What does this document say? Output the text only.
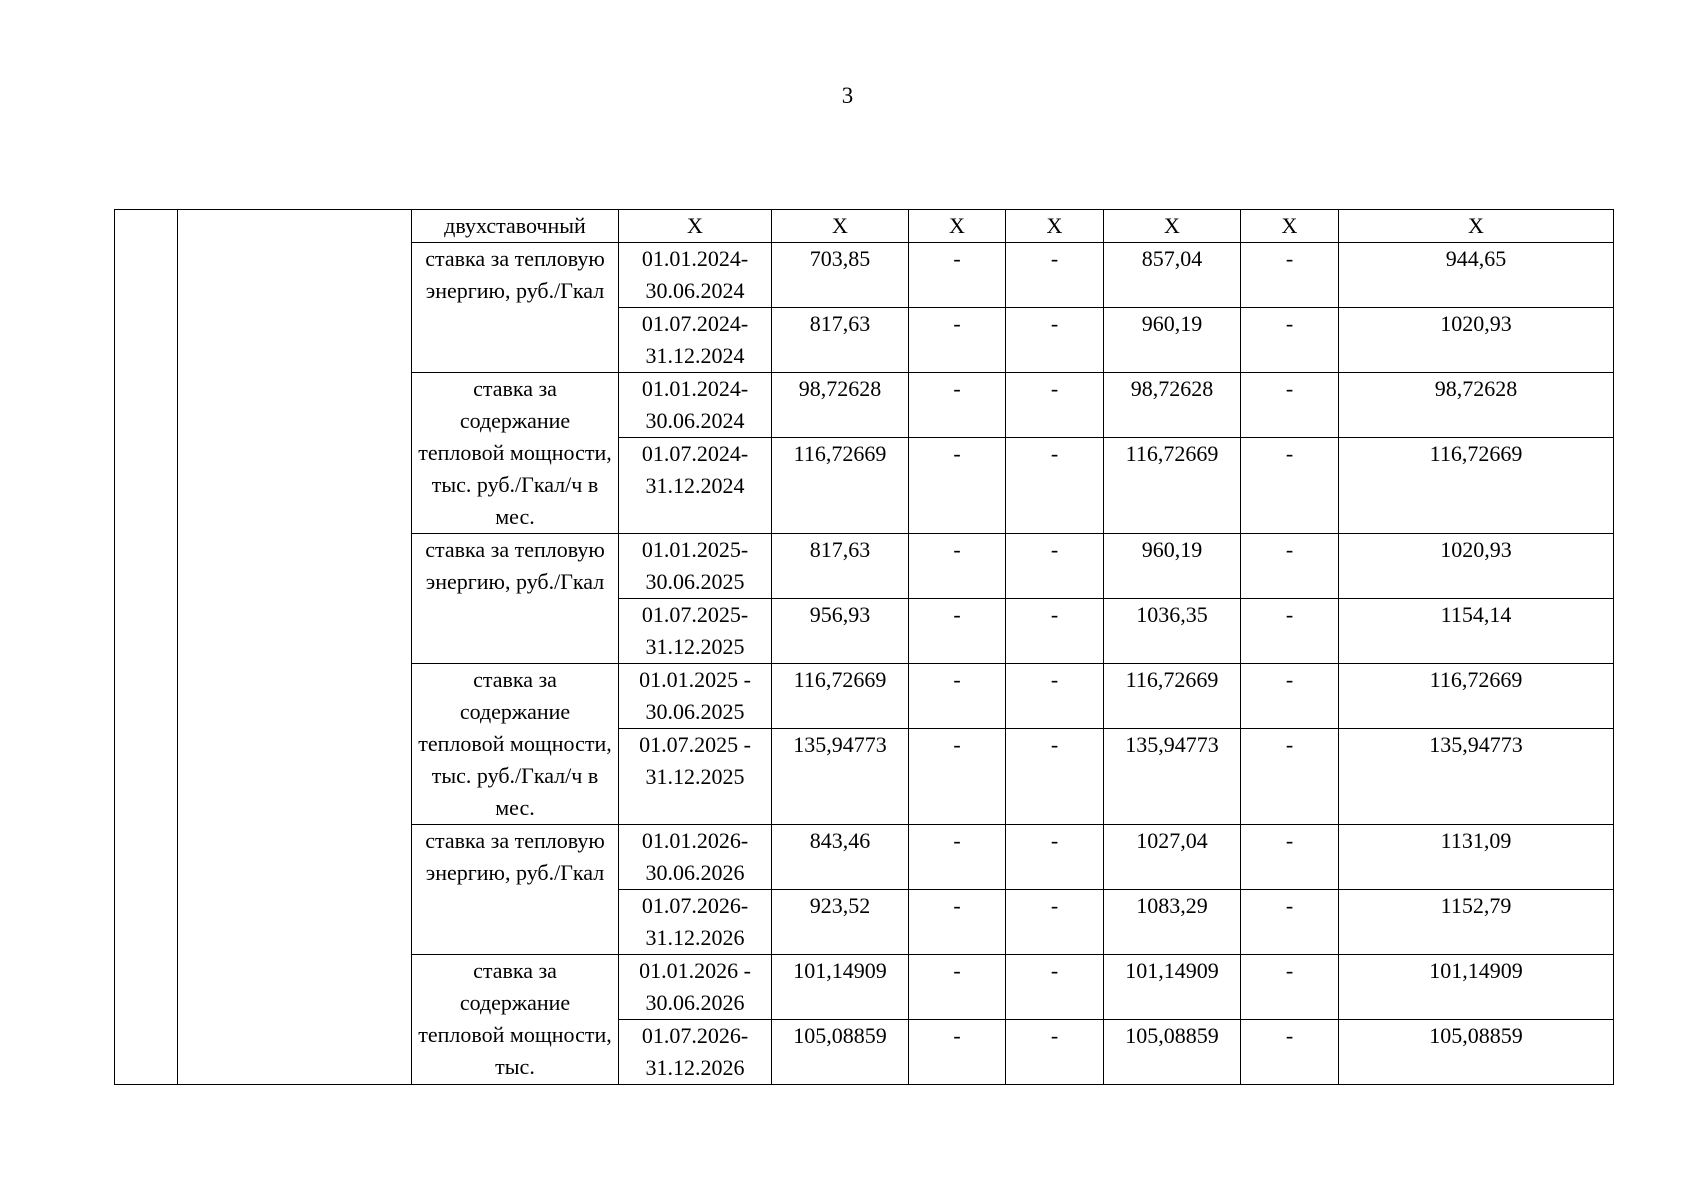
3
		двухставочный	Х	Х	Х	Х	Х	Х	Х
		ставка за тепловую энергию, руб./Гкал	01.01.2024-30.06.2024	703,85	-	-	857,04	-	944,65
			01.07.2024-31.12.2024	817,63	-	-	960,19	-	1020,93
		ставка за содержание тепловой мощности, тыс. руб./Гкал/ч в мес.	01.01.2024-30.06.2024	98,72628	-	-	98,72628	-	98,72628
			01.07.2024-31.12.2024	116,72669	-	-	116,72669	-	116,72669
		ставка за тепловую энергию, руб./Гкал	01.01.2025-30.06.2025	817,63	-	-	960,19	-	1020,93
			01.07.2025-31.12.2025	956,93	-	-	1036,35	-	1154,14
		ставка за содержание тепловой мощности, тыс. руб./Гкал/ч в мес.	01.01.2025 - 30.06.2025	116,72669	-	-	116,72669	-	116,72669
			01.07.2025 - 31.12.2025	135,94773	-	-	135,94773	-	135,94773
		ставка за тепловую энергию, руб./Гкал	01.01.2026-30.06.2026	843,46	-	-	1027,04	-	1131,09
			01.07.2026-31.12.2026	923,52	-	-	1083,29	-	1152,79
		ставка за содержание тепловой мощности, тыс.	01.01.2026 - 30.06.2026	101,14909	-	-	101,14909	-	101,14909
			01.07.2026-31.12.2026	105,08859	-	-	105,08859	-	105,08859
